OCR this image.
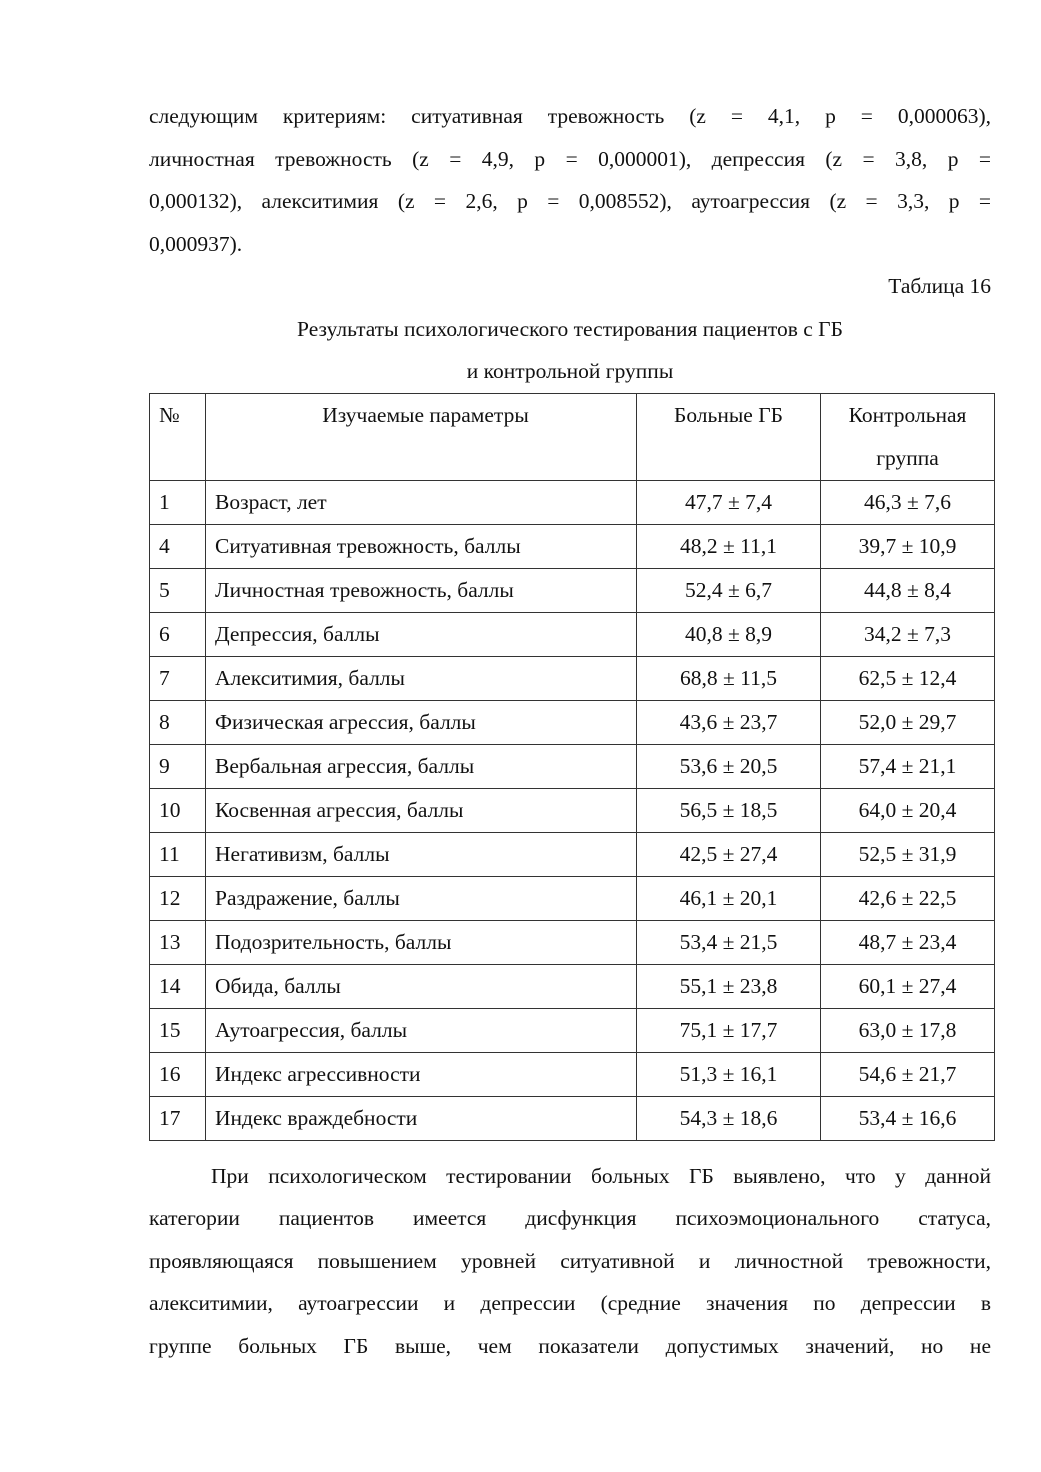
следующим критериям: ситуативная тревожность (z = 4,1, p = 0,000063),
личностная тревожность (z = 4,9, p = 0,000001), депрессия (z = 3,8, p =
0,000132), алекситимия (z = 2,6, p = 0,008552), аутоагрессия (z = 3,3, p =
0,000937).

Таблица 16

Результаты психологического тестирования пациентов с ГБ
и контрольной группы
№	Изучаемые параметры	Больные ГБ	Контрольная
группа
1	Возраст, лет	47,7 ± 7,4	46,3 ± 7,6
4	Ситуативная тревожность, баллы	48,2 ± 11,1	39,7 ± 10,9
5	Личностная тревожность, баллы	52,4 ± 6,7	44,8 ± 8,4
6	Депрессия, баллы	40,8 ± 8,9	34,2 ± 7,3
7	Алекситимия, баллы	68,8 ± 11,5	62,5 ± 12,4
8	Физическая агрессия, баллы	43,6 ± 23,7	52,0 ± 29,7
9	Вербальная агрессия, баллы	53,6 ± 20,5	57,4 ± 21,1
10	Косвенная агрессия, баллы	56,5 ± 18,5	64,0 ± 20,4
11	Негативизм, баллы	42,5 ± 27,4	52,5 ± 31,9
12	Раздражение, баллы	46,1 ± 20,1	42,6 ± 22,5
13	Подозрительность, баллы	53,4 ± 21,5	48,7 ± 23,4
14	Обида, баллы	55,1 ± 23,8	60,1 ± 27,4
15	Аутоагрессия, баллы	75,1 ± 17,7	63,0 ± 17,8
16	Индекс агрессивности	51,3 ± 16,1	54,6 ± 21,7
17	Индекс враждебности	54,3 ± 18,6	53,4 ± 16,6
При психологическом тестировании больных ГБ выявлено, что у данной
категории пациентов имеется дисфункция психоэмоционального статуса,
проявляющаяся повышением уровней ситуативной и личностной тревожности,
алекситимии, аутоагрессии и депрессии (средние значения по депрессии в
группе больных ГБ выше, чем показатели допустимых значений, но не
